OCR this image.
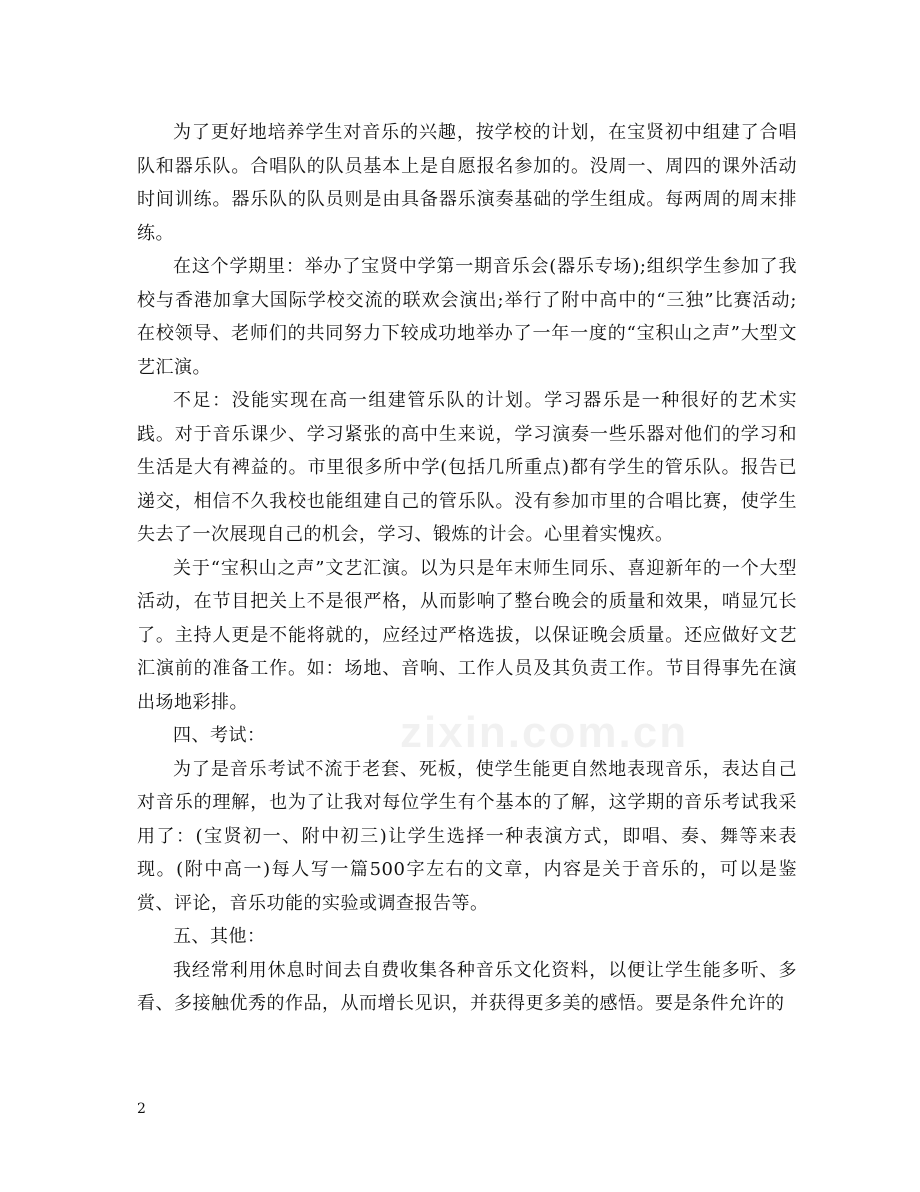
zixin.com.cn

为了更好地培养学生对音乐的兴趣，按学校的计划，在宝贤初中组建了合唱队和器乐队。合唱队的队员基本上是自愿报名参加的。没周一、周四的课外活动时间训练。器乐队的队员则是由具备器乐演奏基础的学生组成。每两周的周末排练。

在这个学期里：举办了宝贤中学第一期音乐会(器乐专场);组织学生参加了我校与香港加拿大国际学校交流的联欢会演出;举行了附中高中的“三独”比赛活动;在校领导、老师们的共同努力下较成功地举办了一年一度的“宝积山之声”大型文艺汇演。

不足：没能实现在高一组建管乐队的计划。学习器乐是一种很好的艺术实践。对于音乐课少、学习紧张的高中生来说，学习演奏一些乐器对他们的学习和生活是大有裨益的。市里很多所中学(包括几所重点)都有学生的管乐队。报告已递交，相信不久我校也能组建自己的管乐队。没有参加市里的合唱比赛，使学生失去了一次展现自己的机会，学习、锻炼的计会。心里着实愧疚。

关于“宝积山之声”文艺汇演。以为只是年末师生同乐、喜迎新年的一个大型活动，在节目把关上不是很严格，从而影响了整台晚会的质量和效果，哨显冗长了。主持人更是不能将就的，应经过严格选拔，以保证晚会质量。还应做好文艺汇演前的准备工作。如：场地、音响、工作人员及其负责工作。节目得事先在演出场地彩排。

四、考试：

为了是音乐考试不流于老套、死板，使学生能更自然地表现音乐，表达自己对音乐的理解，也为了让我对每位学生有个基本的了解，这学期的音乐考试我采用了：(宝贤初一、附中初三)让学生选择一种表演方式，即唱、奏、舞等来表现。(附中高一)每人写一篇500字左右的文章，内容是关于音乐的，可以是鉴赏、评论，音乐功能的实验或调查报告等。

五、其他：

我经常利用休息时间去自费收集各种音乐文化资料，以便让学生能多听、多看、多接触优秀的作品，从而增长见识，并获得更多美的感悟。要是条件允许的

2
